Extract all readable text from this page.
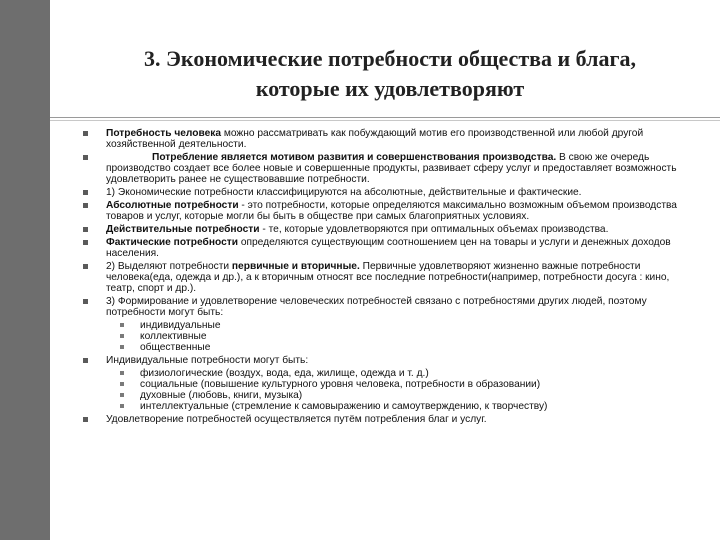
3. Экономические потребности общества и блага,
которые их удовлетворяют
Потребность человека можно рассматривать как побуждающий мотив его производственной или любой другой хозяйственной деятельности.
Потребление является мотивом развития и совершенствования производства. В свою же очередь производство создает все более новые и совершенные продукты, развивает сферу услуг и предоставляет возможность удовлетворить ранее не существовавшие потребности.
1) Экономические потребности классифицируются на абсолютные, действительные и фактические.
Абсолютные потребности - это потребности, которые определяются максимально возможным объемом производства товаров и услуг, которые могли бы быть в обществе при самых благоприятных условиях.
Действительные потребности - те, которые удовлетворяются при оптимальных объемах производства.
Фактические потребности определяются существующим соотношением цен на товары и услуги и денежных доходов населения.
2) Выделяют потребности первичные и вторичные. Первичные удовлетворяют жизненно важные потребности человека(еда, одежда и др.), а к вторичным относят все последние потребности(например, потребности досуга : кино, театр, спорт и др.).
3) Формирование и удовлетворение человеческих потребностей связано с потребностями других людей, поэтому потребности могут быть:
индивидуальные
коллективные
общественные
Индивидуальные потребности могут быть:
физиологические (воздух, вода, еда, жилище, одежда и т. д.)
социальные (повышение культурного уровня человека, потребности в образовании)
духовные (любовь, книги, музыка)
интеллектуальные (стремление к самовыражению и самоутверждению, к творчеству)
Удовлетворение потребностей осуществляется путём потребления благ и услуг.
